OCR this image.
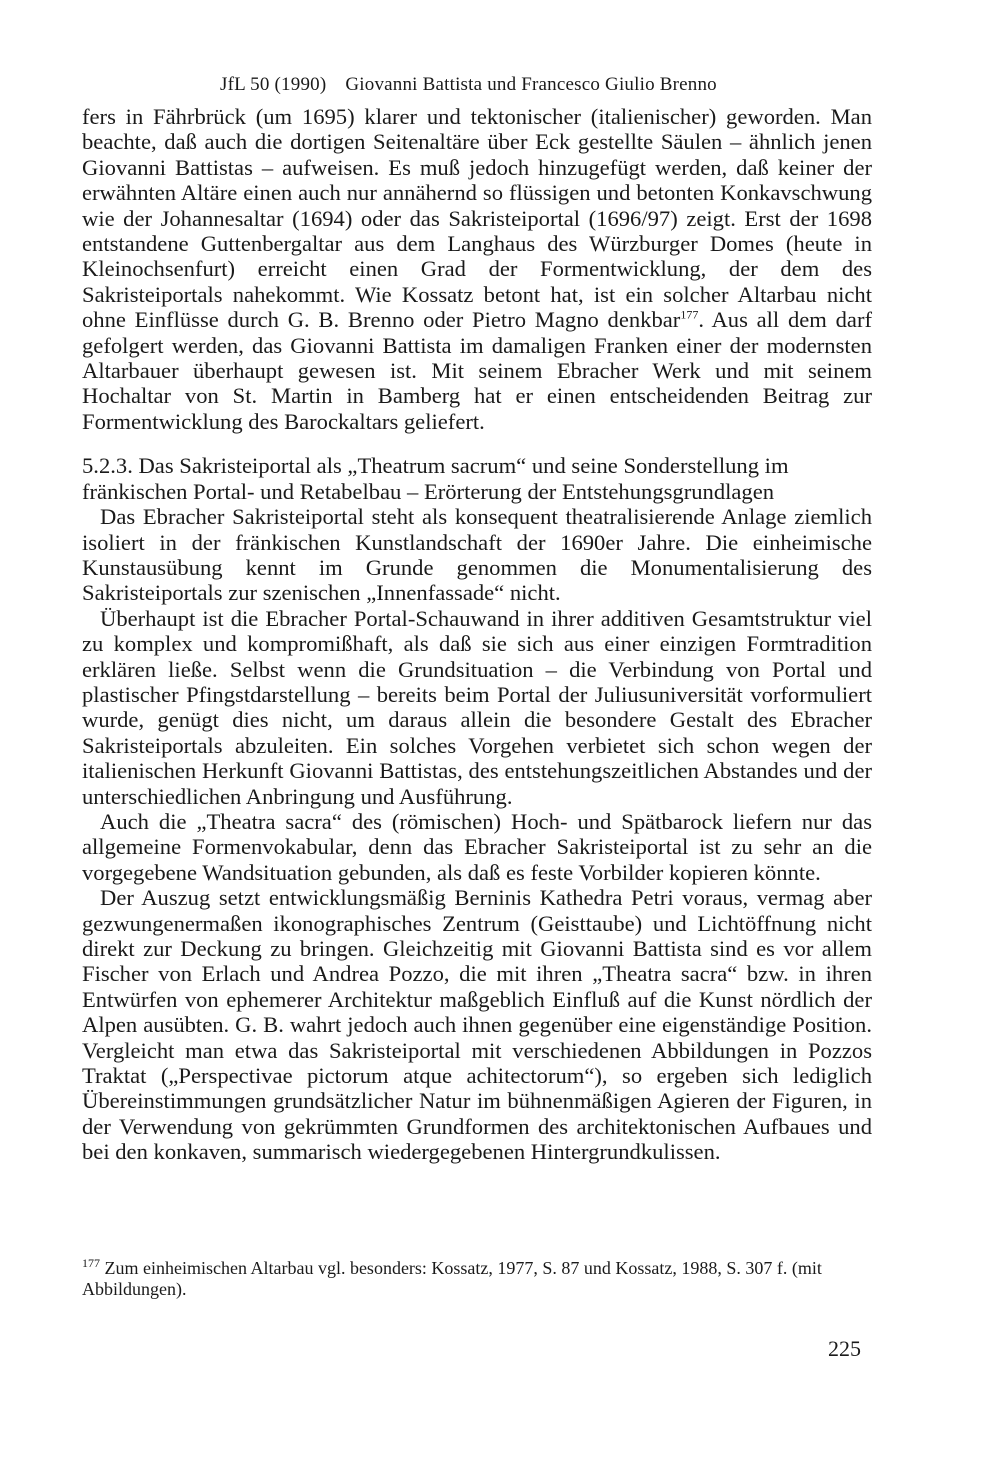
JfL 50 (1990) Giovanni Battista und Francesco Giulio Brenno

fers in Fährbrück (um 1695) klarer und tektonischer (italienischer) geworden. Man beachte, daß auch die dortigen Seitenaltäre über Eck gestellte Säulen – ähnlich jenen Giovanni Battistas – aufweisen. Es muß jedoch hinzugefügt werden, daß keiner der erwähnten Altäre einen auch nur annähernd so flüssigen und betonten Konkavschwung wie der Johannesaltar (1694) oder das Sakristeiportal (1696/97) zeigt. Erst der 1698 entstandene Guttenbergaltar aus dem Langhaus des Würzburger Domes (heute in Kleinochsenfurt) erreicht einen Grad der Formentwicklung, der dem des Sakristeiportals nahekommt. Wie Kossatz betont hat, ist ein solcher Altarbau nicht ohne Einflüsse durch G. B. Brenno oder Pietro Magno denkbar$^{177}$. Aus all dem darf gefolgert werden, das Giovanni Battista im damaligen Franken einer der modernsten Altarbauer überhaupt gewesen ist. Mit seinem Ebracher Werk und mit seinem Hochaltar von St. Martin in Bamberg hat er einen entscheidenden Beitrag zur Formentwicklung des Barockaltars geliefert.

5.2.3. Das Sakristeiportal als „Theatrum sacrum“ und seine Sonderstellung im
fränkischen Portal- und Retabelbau – Erörterung der Entstehungsgrundlagen

Das Ebracher Sakristeiportal steht als konsequent theatralisierende Anlage ziemlich isoliert in der fränkischen Kunstlandschaft der 1690er Jahre. Die einheimische Kunstausübung kennt im Grunde genommen die Monumentalisierung des Sakristeiportals zur szenischen „Innenfassade“ nicht.

Überhaupt ist die Ebracher Portal-Schauwand in ihrer additiven Gesamtstruktur viel zu komplex und kompromißhaft, als daß sie sich aus einer einzigen Formtradition erklären ließe. Selbst wenn die Grundsituation – die Verbindung von Portal und plastischer Pfingstdarstellung – bereits beim Portal der Juliusuniversität vorformuliert wurde, genügt dies nicht, um daraus allein die besondere Gestalt des Ebracher Sakristeiportals abzuleiten. Ein solches Vorgehen verbietet sich schon wegen der italienischen Herkunft Giovanni Battistas, des entstehungszeitlichen Abstandes und der unterschiedlichen Anbringung und Ausführung.

Auch die „Theatra sacra“ des (römischen) Hoch- und Spätbarock liefern nur das allgemeine Formenvokabular, denn das Ebracher Sakristeiportal ist zu sehr an die vorgegebene Wandsituation gebunden, als daß es feste Vorbilder kopieren könnte.

Der Auszug setzt entwicklungsmäßig Berninis Kathedra Petri voraus, vermag aber gezwungenermaßen ikonographisches Zentrum (Geisttaube) und Lichtöffnung nicht direkt zur Deckung zu bringen. Gleichzeitig mit Giovanni Battista sind es vor allem Fischer von Erlach und Andrea Pozzo, die mit ihren „Theatra sacra“ bzw. in ihren Entwürfen von ephemerer Architektur maßgeblich Einfluß auf die Kunst nördlich der Alpen ausübten. G. B. wahrt jedoch auch ihnen gegenüber eine eigenständige Position. Vergleicht man etwa das Sakristeiportal mit verschiedenen Abbildungen in Pozzos Traktat („Perspectivae pictorum atque achitectorum“), so ergeben sich lediglich Übereinstimmungen grundsätzlicher Natur im bühnenmäßigen Agieren der Figuren, in der Verwendung von gekrümmten Grundformen des architektonischen Aufbaues und bei den konkaven, summarisch wiedergegebenen Hintergrundkulissen.

$^{177}$ Zum einheimischen Altarbau vgl. besonders: Kossatz, 1977, S. 87 und Kossatz, 1988, S. 307 f. (mit Abbildungen).
225
